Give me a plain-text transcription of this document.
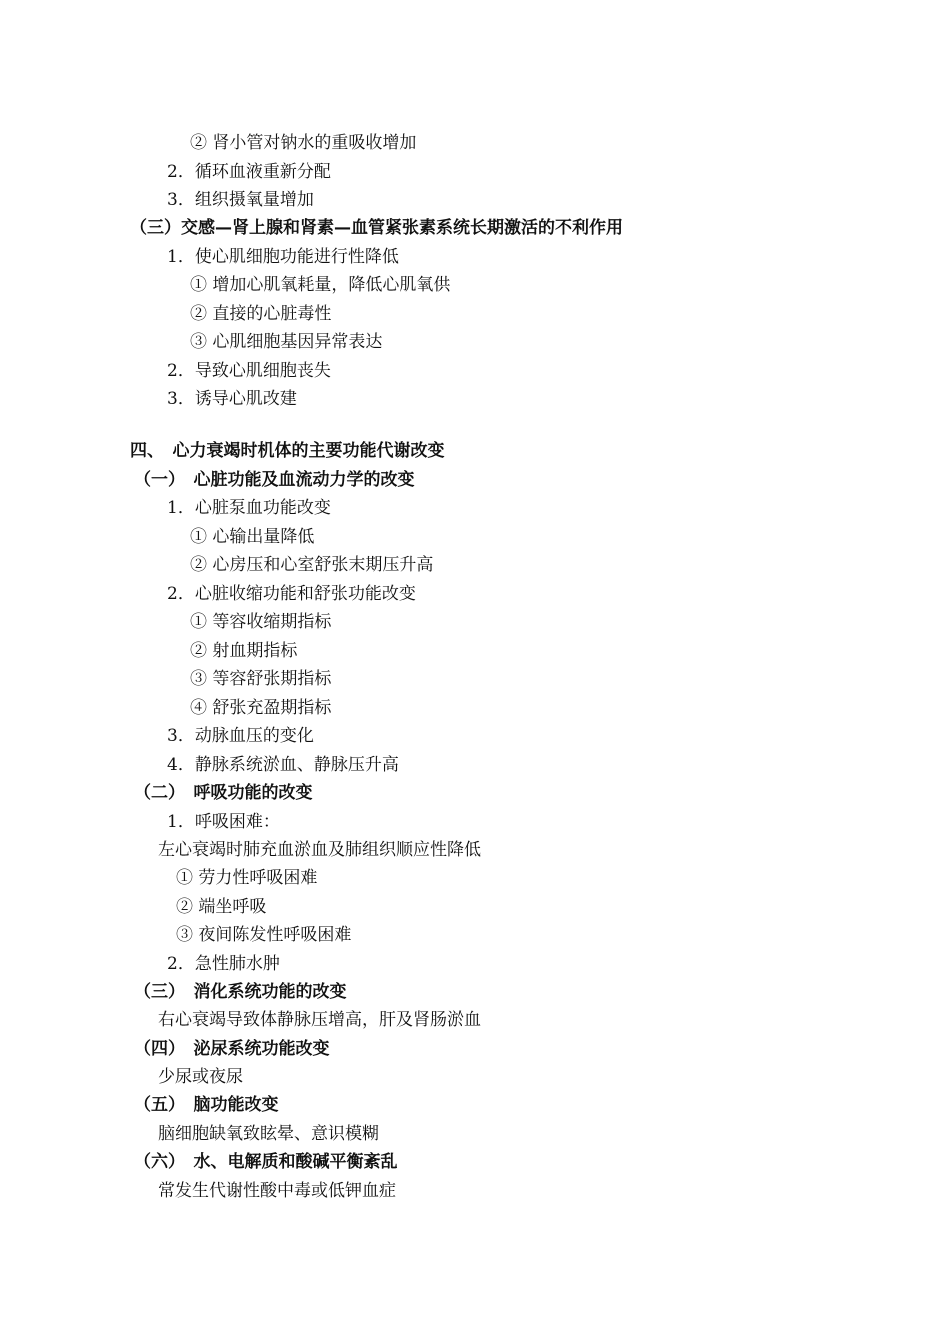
② 肾小管对钠水的重吸收增加
2．循环血液重新分配
3．组织摄氧量增加
（三）交感—肾上腺和肾素—血管紧张素系统长期激活的不利作用
1．使心肌细胞功能进行性降低
① 增加心肌氧耗量，降低心肌氧供
② 直接的心脏毒性
③ 心肌细胞基因异常表达
2．导致心肌细胞丧失
3．诱导心肌改建
四、　心力衰竭时机体的主要功能代谢改变
（一）　心脏功能及血流动力学的改变
1．心脏泵血功能改变
① 心输出量降低
② 心房压和心室舒张末期压升高
2．心脏收缩功能和舒张功能改变
① 等容收缩期指标
② 射血期指标
③ 等容舒张期指标
④ 舒张充盈期指标
3．动脉血压的变化
4．静脉系统淤血、静脉压升高
（二）　呼吸功能的改变
1．呼吸困难：
左心衰竭时肺充血淤血及肺组织顺应性降低
① 劳力性呼吸困难
② 端坐呼吸
③ 夜间陈发性呼吸困难
2．急性肺水肿
（三）　消化系统功能的改变
右心衰竭导致体静脉压增高，肝及肾肠淤血
（四）　泌尿系统功能改变
少尿或夜尿
（五）　脑功能改变
脑细胞缺氧致眩晕、意识模糊
（六）　水、电解质和酸碱平衡紊乱
常发生代谢性酸中毒或低钾血症
